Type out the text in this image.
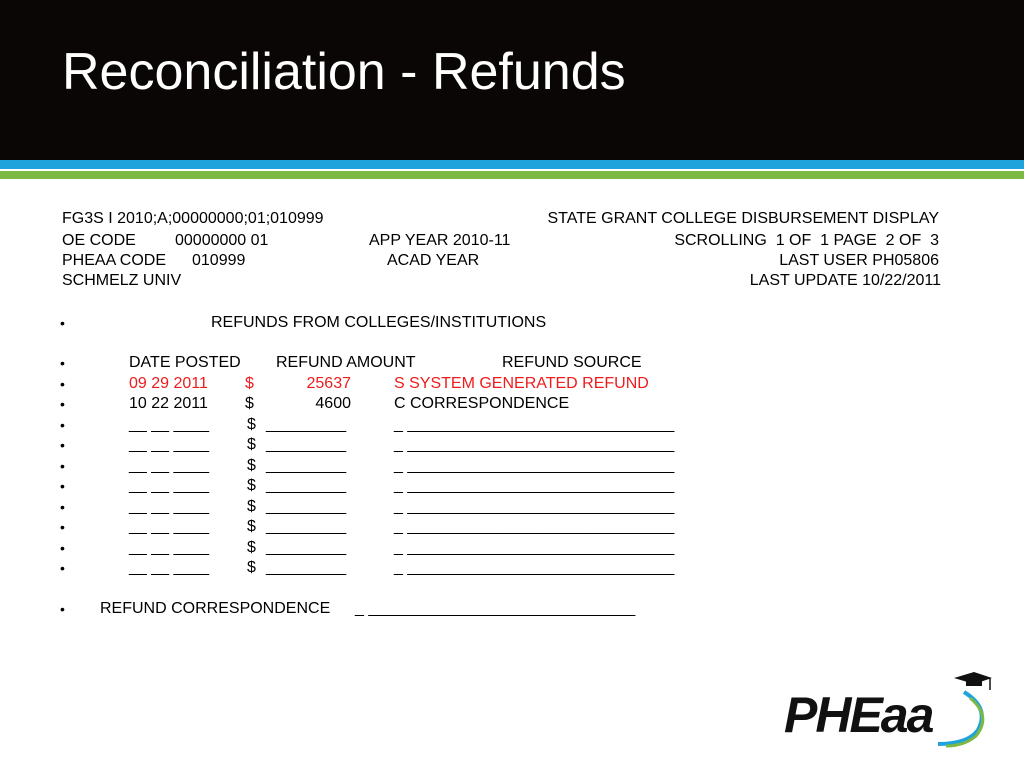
Reconciliation - Refunds
FG3S I 2010;A;00000000;01;010999	STATE GRANT COLLEGE DISBURSEMENT DISPLAY
OE CODE 00000000 01	APP YEAR 2010-11	SCROLLING  1 OF  1 PAGE  2 OF  3
PHEAA CODE 010999	ACAD YEAR	LAST USER PH05806
SCHMELZ UNIV	LAST UPDATE 10/22/2011
•	REFUNDS FROM COLLEGES/INSTITUTIONS
•	DATE POSTED REFUND AMOUNT	REFUND SOURCE
•	09 29 2011 $	25637	S SYSTEM GENERATED REFUND
•	10 22 2011 $	4600	C CORRESPONDENCE
•	__ __ ____ $ _________	_ ______________________________
•	__ __ ____ $ _________	_ ______________________________
•	__ __ ____ $ _________	_ ______________________________
•	__ __ ____ $ _________	_ ______________________________
•	__ __ ____ $ _________	_ ______________________________
•	__ __ ____ $ _________	_ ______________________________
•	__ __ ____ $ _________	_ ______________________________
•	__ __ ____ $ _________	_ ______________________________
• REFUND CORRESPONDENCE _ ______________________________
PHEaa
